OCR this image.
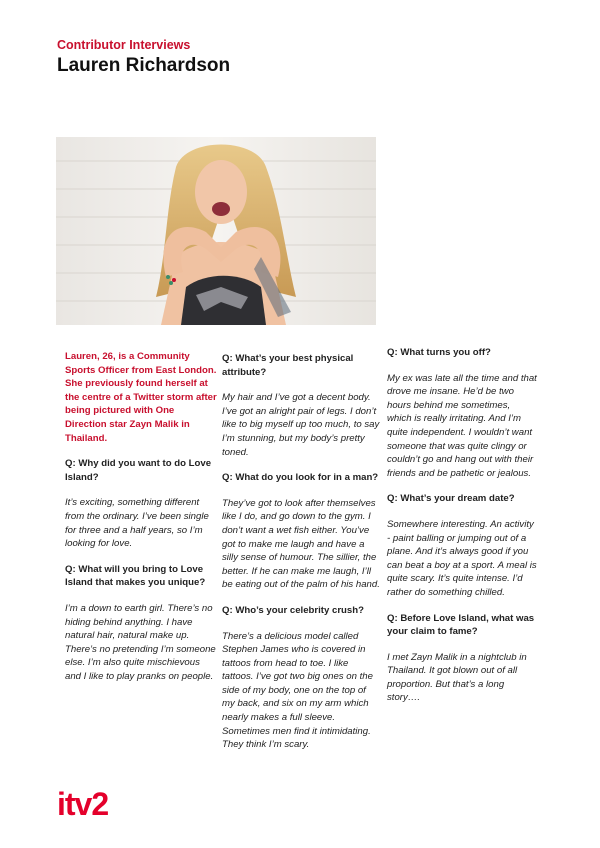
Contributor Interviews
Lauren Richardson

Lauren, 26, is a Community Sports Officer from East London. She previously found herself at the centre of a Twitter storm after being pictured with One Direction star Zayn Malik in Thailand.

Q: Why did you want to do Love Island?

It’s exciting, something different from the ordinary. I’ve been single for three and a half years, so I’m looking for love.

Q: What will you bring to Love Island that makes you unique?

I’m a down to earth girl. There’s no hiding behind anything. I have natural hair, natural make up. There’s no pretending I’m someone else. I’m also quite mischievous and I like to play pranks on people.

Q: What’s your best physical attribute?

My hair and I’ve got a decent body. I’ve got an alright pair of legs. I don’t like to big myself up too much, to say I’m stunning, but my body’s pretty toned.

Q: What do you look for in a man?

They’ve got to look after themselves like I do, and go down to the gym. I don’t want a wet fish either. You’ve got to make me laugh and have a silly sense of humour. The sillier, the better. If he can make me laugh, I’ll be eating out of the palm of his hand.

Q: Who’s your celebrity crush?

There’s a delicious model called Stephen James who is covered in tattoos from head to toe. I like tattoos. I’ve got two big ones on the side of my body, one on the top of my back, and six on my arm which nearly makes a full sleeve. Sometimes men find it intimidating. They think I’m scary.

Q: What turns you off?

My ex was late all the time and that drove me insane. He’d be two hours behind me sometimes, which is really irritating. And I’m quite independent. I wouldn’t want someone that was quite clingy or couldn’t go and hang out with their friends and be pathetic or jealous.

Q: What’s your dream date?

Somewhere interesting. An activity - paint balling or jumping out of a plane. And it’s always good if you can beat a boy at a sport. A meal is quite scary. It’s quite intense. I’d rather do something chilled.

Q: Before Love Island, what was your claim to fame?

I met Zayn Malik in a nightclub in Thailand. It got blown out of all proportion. But that’s a long story….

itv2
